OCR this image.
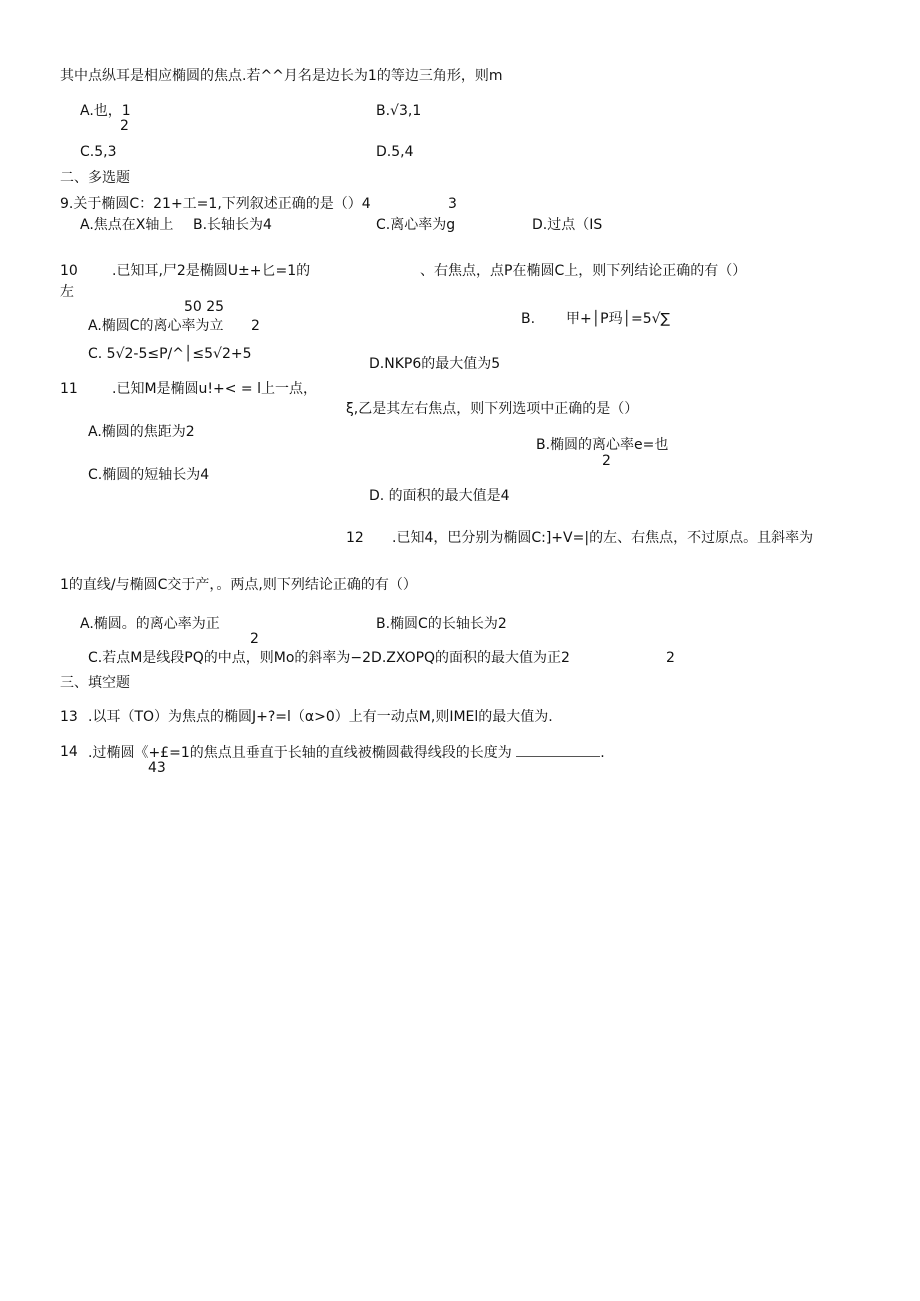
其中点纵耳是相应椭圆的焦点.若^^月名是边长为1的等边三角形，则m
A.也，1
2
B.√3,1
C.5,3	D.5,4
二、多选题
9.关于椭圆C：21+工=1,下列叙述正确的是（）4	3
A.焦点在X轴上 B.长轴长为4	C.离心率为g	D.过点（IS
10 .已知耳,尸2是椭圆U±+匕=1的	、右焦点，点P在椭圆C上，则下列结论正确的有（）
左
50 25
A.椭圆C的离心率为立 2	B. 甲+│P玛│=5√∑
C. 5√2-5≤P/^│≤5√2+5
D.NKP6的最大值为5
11 .已知M是椭圆u!+< = l上一点，
ξ,乙是其左右焦点，则下列选项中正确的是（）
A.椭圆的焦距为2
B.椭圆的离心率e=也
2
C.椭圆的短轴长为4
D. 的面积的最大值是4
12 .已知4，巴分别为椭圆C:]+V=|的左、右焦点，不过原点。且斜率为
1的直线/与椭圆C交于产，。两点,则下列结论正确的有（）
A.椭圆。的离心率为正
2
B.椭圆C的长轴长为2
C.若点M是线段PQ的中点，则Mo的斜率为−2D.ZXOPQ的面积的最大值为正2	2
三、填空题
13 .以耳（TO）为焦点的椭圆J+?=l（α>0）上有一动点M,则IMEl的最大值为.
14 .过椭圆《+£=1的焦点且垂直于长轴的直线被椭圆截得线段的长度为	.
43
